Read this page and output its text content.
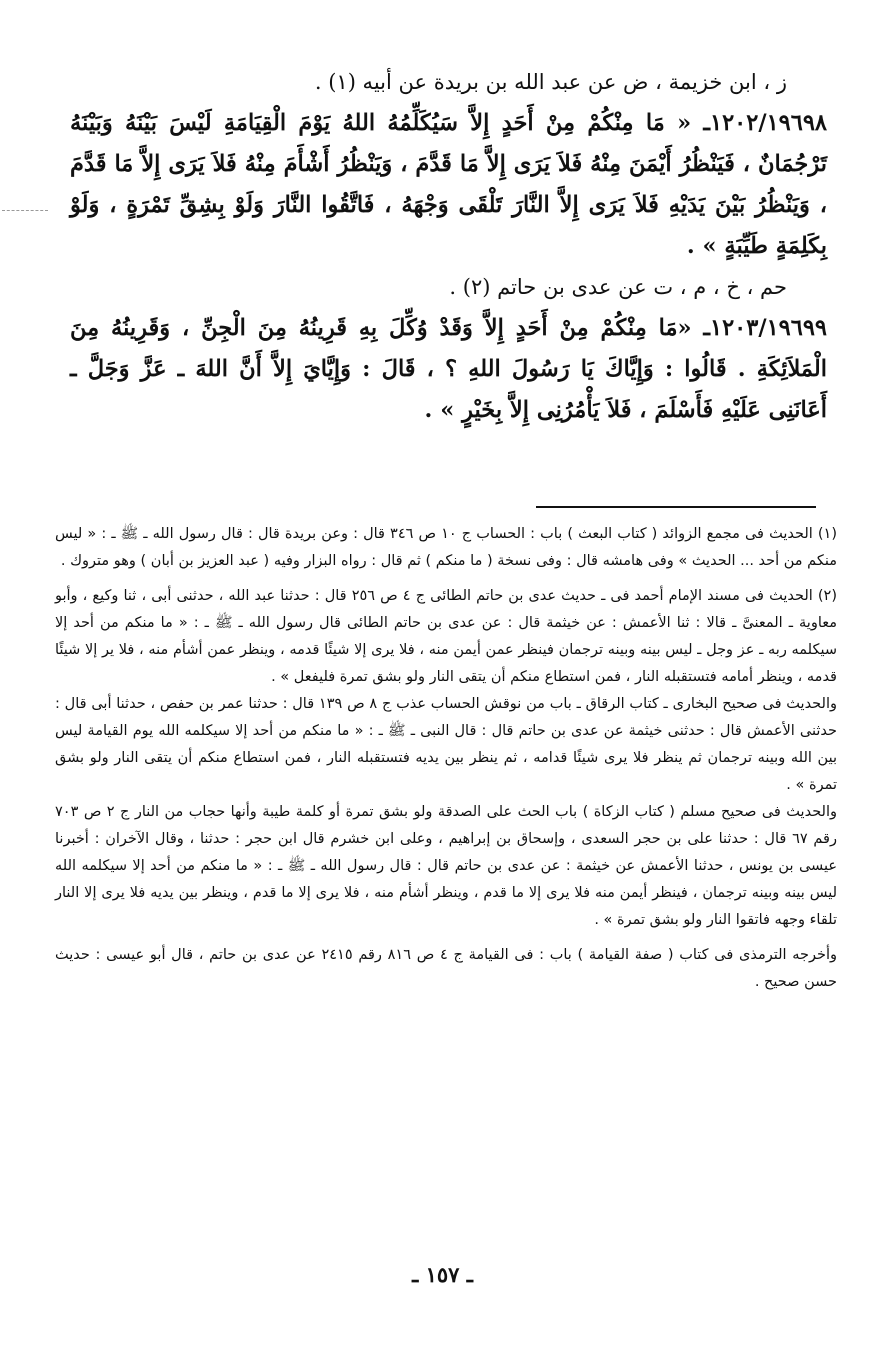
ز ، ابن خزيمة ، ض عن عبد الله بن بريدة عن أبيه (١) .

١٢٠٢/١٩٦٩٨ـ « مَا مِنْكُمْ مِنْ أَحَدٍ إِلاَّ سَيُكَلِّمُهُ اللهُ يَوْمَ الْقِيَامَةِ لَيْسَ بَيْنَهُ وَبَيْنَهُ تَرْجُمَانٌ ، فَيَنْظُرُ أَيْمَنَ مِنْهُ فَلاَ يَرَى إِلاَّ مَا قَدَّمَ ، وَيَنْظُرُ أَشْأَمَ مِنْهُ فَلاَ يَرَى إِلاَّ مَا قَدَّمَ ، وَيَنْظُرُ بَيْنَ يَدَيْهِ فَلاَ يَرَى إِلاَّ النَّارَ تَلْقَى وَجْهَهُ ، فَاتَّقُوا النَّارَ وَلَوْ بِشِقِّ تَمْرَةٍ ، وَلَوْ بِكَلِمَةٍ طَيِّبَةٍ » .

حم ، خ ، م ، ت عن عدى بن حاتم (٢) .

١٢٠٣/١٩٦٩٩ـ «مَا مِنْكُمْ مِنْ أَحَدٍ إِلاَّ وَقَدْ وُكِّلَ بِهِ قَرِينُهُ مِنَ الْجِنِّ ، وَقَرِينُهُ مِنَ الْمَلاَئِكَةِ . قَالُوا : وَإِيَّاكَ يَا رَسُولَ اللهِ ؟ ، قَالَ : وَإِيَّايَ إِلاَّ أَنَّ اللهَ ـ عَزَّ وَجَلَّ ـ أَعَانَنِى عَلَيْهِ فَأَسْلَمَ ، فَلاَ يَأْمُرُنِى إِلاَّ بِخَيْرٍ » .

(١) الحديث فى مجمع الزوائد ( كتاب البعث ) باب : الحساب ج ١٠ ص ٣٤٦ قال : وعن بريدة قال : قال رسول الله ـ ﷺ ـ : « ليس منكم من أحد ... الحديث » وفى هامشه قال : وفى نسخة ( ما منكم ) ثم قال : رواه البزار وفيه ( عبد العزيز بن أبان ) وهو متروك .

(٢) الحديث فى مسند الإمام أحمد فى ـ حديث عدى بن حاتم الطائى ج ٤ ص ٢٥٦ قال : حدثنا عبد الله ، حدثنى أبى ، ثنا وكيع ، وأبو معاوية ـ المعنىَّ ـ قالا : ثنا الأعمش : عن خيثمة قال : عن عدى بن حاتم الطائى قال رسول الله ـ ﷺ ـ : « ما منكم من أحد إلا سيكلمه ربه ـ عز وجل ـ ليس بينه وبينه ترجمان فينظر عمن أيمن منه ، فلا يرى إلا شيئًا قدمه ، وينظر عمن أشأم منه ، فلا ير إلا شيئًا قدمه ، وينظر أمامه فتستقبله النار ، فمن استطاع منكم أن يتقى النار ولو بشق تمرة فليفعل » .

والحديث فى صحيح البخارى ـ كتاب الرقاق ـ باب من نوقش الحساب عذب ج ٨ ص ١٣٩ قال : حدثنا عمر بن حفص ، حدثنا أبى قال : حدثنى الأعمش قال : حدثنى خيثمة عن عدى بن حاتم قال : قال النبى ـ ﷺ ـ : « ما منكم من أحد إلا سيكلمه الله يوم القيامة ليس بين الله وبينه ترجمان ثم ينظر فلا يرى شيئًا قدامه ، ثم ينظر بين يديه فتستقبله النار ، فمن استطاع منكم أن يتقى النار ولو بشق تمرة » .

والحديث فى صحيح مسلم ( كتاب الزكاة ) باب الحث على الصدقة ولو بشق تمرة أو كلمة طيبة وأنها حجاب من النار ج ٢ ص ٧٠٣ رقم ٦٧ قال : حدثنا على بن حجر السعدى ، وإسحاق بن إبراهيم ، وعلى ابن خشرم قال ابن حجر : حدثنا ، وقال الآخران : أخبرنا عيسى بن يونس ، حدثنا الأعمش عن خيثمة : عن عدى بن حاتم قال : قال رسول الله ـ ﷺ ـ : « ما منكم من أحد إلا سيكلمه الله ليس بينه وبينه ترجمان ، فينظر أيمن منه فلا يرى إلا ما قدم ، وينظر أشأم منه ، فلا يرى إلا ما قدم ، وينظر بين يديه فلا يرى إلا النار تلقاء وجهه فاتقوا النار ولو بشق تمرة » .

وأخرجه الترمذى فى كتاب ( صفة القيامة ) باب : فى القيامة ج ٤ ص ٨١٦ رقم ٢٤١٥ عن عدى بن حاتم ، قال أبو عيسى : حديث حسن صحيح .

ـ ١٥٧ ـ
